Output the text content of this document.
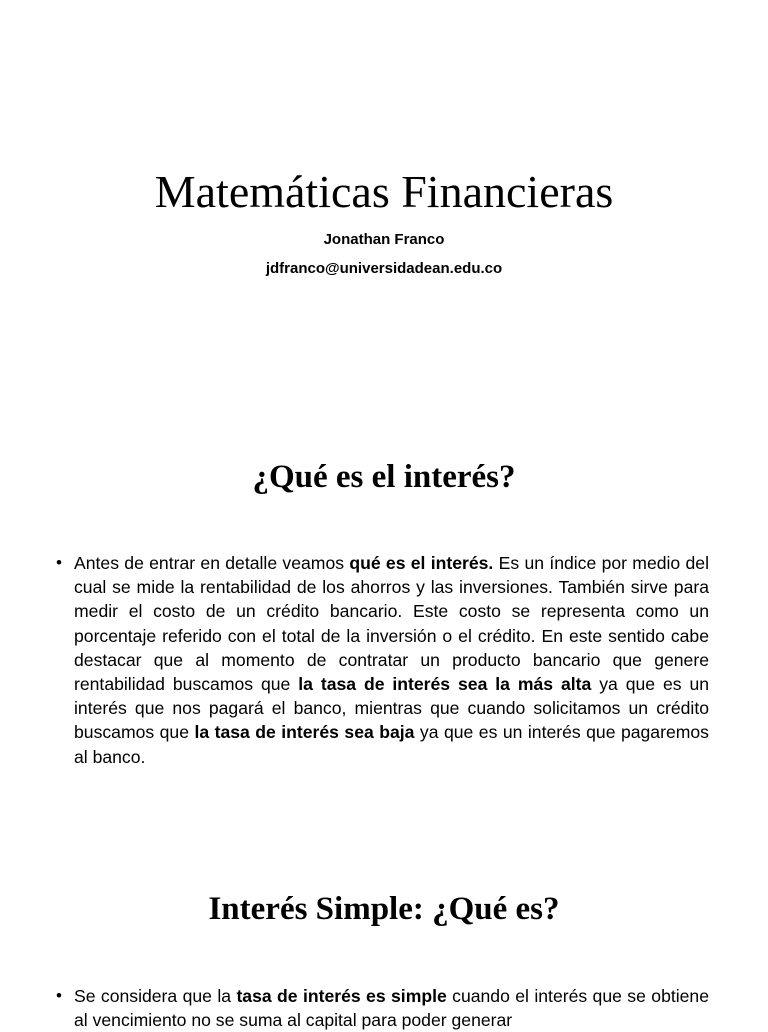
Matemáticas Financieras
Jonathan Franco
jdfranco@universidadean.edu.co
¿Qué es el interés?
• Antes de entrar en detalle veamos qué es el interés. Es un índice por medio del cual se mide la rentabilidad de los ahorros y las inversiones. También sirve para medir el costo de un crédito bancario. Este costo se representa como un porcentaje referido con el total de la inversión o el crédito. En este sentido cabe destacar que al momento de contratar un producto bancario que genere rentabilidad buscamos que la tasa de interés sea la más alta ya que es un interés que nos pagará el banco, mientras que cuando solicitamos un crédito buscamos que la tasa de interés sea baja ya que es un interés que pagaremos al banco.
Interés Simple: ¿Qué es?
• Se considera que la tasa de interés es simple cuando el interés que se obtiene al vencimiento no se suma al capital para poder generar
